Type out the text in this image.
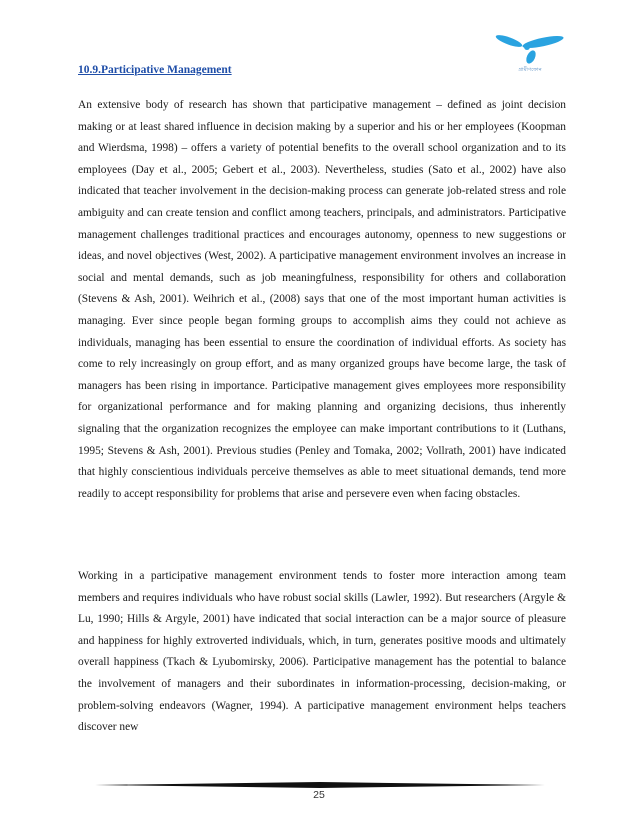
গ্রামীণফোন
10.9.Participative Management

An extensive body of research has shown that participative management – defined as joint decision making or at least shared influence in decision making by a superior and his or her employees (Koopman and Wierdsma, 1998) – offers a variety of potential benefits to the overall school organization and to its employees (Day et al., 2005; Gebert et al., 2003). Nevertheless, studies (Sato et al., 2002) have also indicated that teacher involvement in the decision-making process can generate job-related stress and role ambiguity and can create tension and conflict among teachers, principals, and administrators. Participative management challenges traditional practices and encourages autonomy, openness to new suggestions or ideas, and novel objectives (West, 2002). A participative management environment involves an increase in social and mental demands, such as job meaningfulness, responsibility for others and collaboration (Stevens & Ash, 2001). Weihrich et al., (2008) says that one of the most important human activities is managing. Ever since people began forming groups to accomplish aims they could not achieve as individuals, managing has been essential to ensure the coordination of individual efforts. As society has come to rely increasingly on group effort, and as many organized groups have become large, the task of managers has been rising in importance. Participative management gives employees more responsibility for organizational performance and for making planning and organizing decisions, thus inherently signaling that the organization recognizes the employee can make important contributions to it (Luthans, 1995; Stevens & Ash, 2001). Previous studies (Penley and Tomaka, 2002; Vollrath, 2001) have indicated that highly conscientious individuals perceive themselves as able to meet situational demands, tend more readily to accept responsibility for problems that arise and persevere even when facing obstacles.

Working in a participative management environment tends to foster more interaction among team members and requires individuals who have robust social skills (Lawler, 1992). But researchers (Argyle & Lu, 1990; Hills & Argyle, 2001) have indicated that social interaction can be a major source of pleasure and happiness for highly extroverted individuals, which, in turn, generates positive moods and ultimately overall happiness (Tkach & Lyubomirsky, 2006). Participative management has the potential to balance the involvement of managers and their subordinates in information-processing, decision-making, or problem-solving endeavors (Wagner, 1994). A participative management environment helps teachers discover new

25
